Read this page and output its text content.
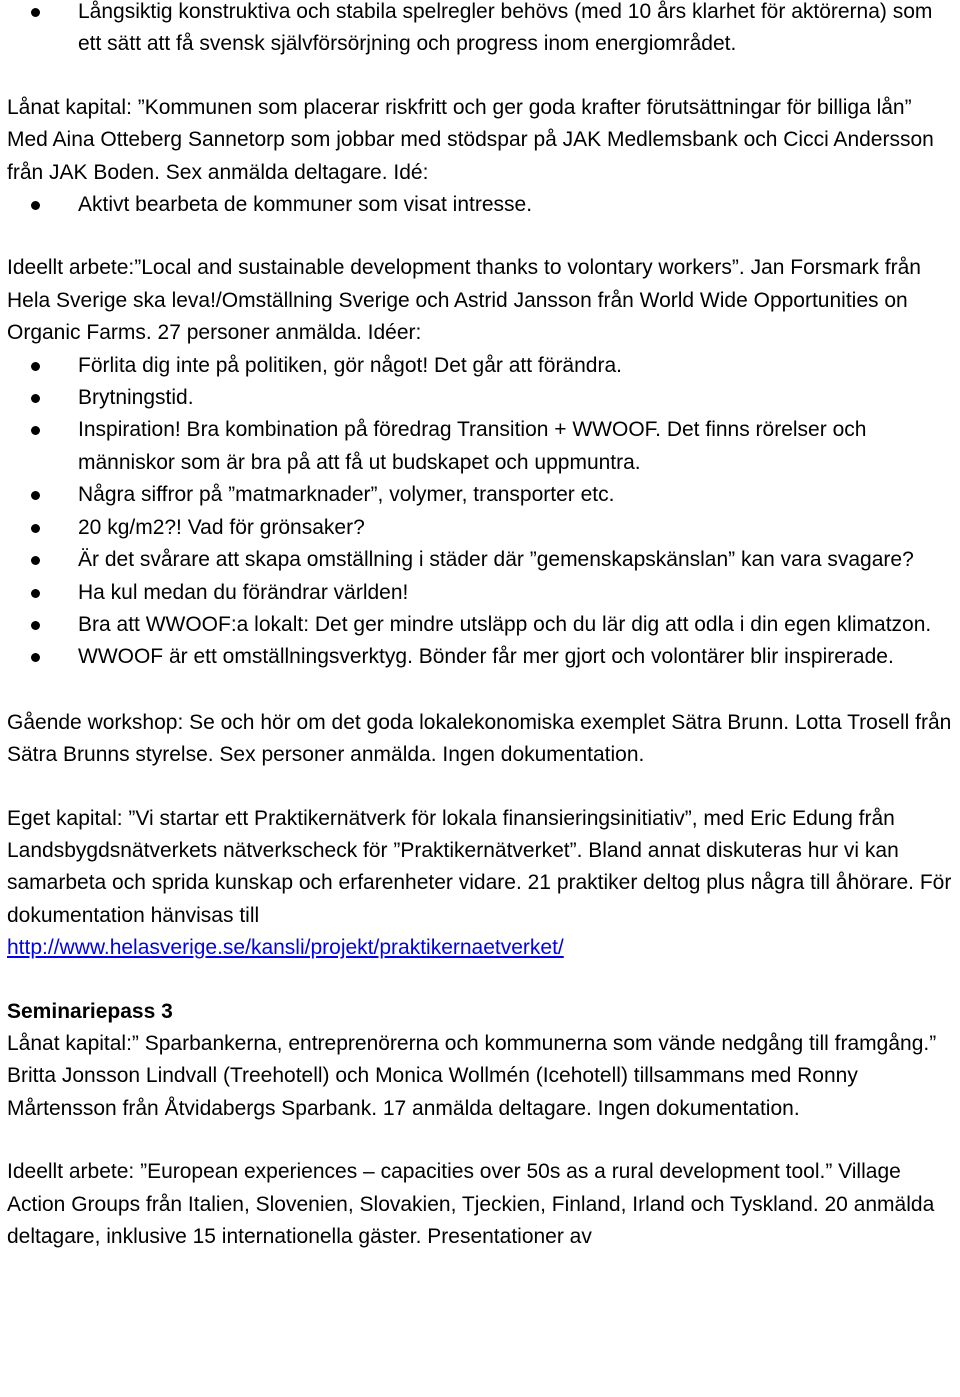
Långsiktig konstruktiva och stabila spelregler behövs (med 10 års klarhet för aktörerna) som ett sätt att få svensk självförsörjning och progress inom energiområdet.

Lånat kapital: ”Kommunen som placerar riskfritt och ger goda krafter förutsättningar för billiga lån” Med Aina Otteberg Sannetorp som jobbar med stödspar på JAK Medlemsbank och Cicci Andersson från JAK Boden. Sex anmälda deltagare. Idé:

Aktivt bearbeta de kommuner som visat intresse.

Ideellt arbete:”Local and sustainable development thanks to volontary workers”. Jan Forsmark från Hela Sverige ska leva!/Omställning Sverige och Astrid Jansson från World Wide Opportunities on Organic Farms. 27 personer anmälda. Idéer:

Förlita dig inte på politiken, gör något! Det går att förändra.
Brytningstid.
Inspiration! Bra kombination på föredrag Transition + WWOOF. Det finns rörelser och människor som är bra på att få ut budskapet och uppmuntra.
Några siffror på ”matmarknader”, volymer, transporter etc.
20 kg/m2?! Vad för grönsaker?
Är det svårare att skapa omställning i städer där ”gemenskapskänslan” kan vara svagare?
Ha kul medan du förändrar världen!
Bra att WWOOF:a lokalt: Det ger mindre utsläpp och du lär dig att odla i din egen klimatzon.
WWOOF är ett omställningsverktyg. Bönder får mer gjort och volontärer blir inspirerade.

Gående workshop: Se och hör om det goda lokalekonomiska exemplet Sätra Brunn. Lotta Trosell från Sätra Brunns styrelse. Sex personer anmälda. Ingen dokumentation.

Eget kapital: ”Vi startar ett Praktikernätverk för lokala finansieringsinitiativ”, med Eric Edung från Landsbygdsnätverkets nätverkscheck för ”Praktikernätverket”. Bland annat diskuteras hur vi kan samarbeta och sprida kunskap och erfarenheter vidare. 21 praktiker deltog plus några till åhörare. För dokumentation hänvisas till
http://www.helasverige.se/kansli/projekt/praktikernaetverket/

Seminariepass 3

Lånat kapital:” Sparbankerna, entreprenörerna och kommunerna som vände nedgång till framgång.” Britta Jonsson Lindvall (Treehotell) och Monica Wollmén (Icehotell) tillsammans med Ronny Mårtensson från Åtvidabergs Sparbank. 17 anmälda deltagare. Ingen dokumentation.

Ideellt arbete: ”European experiences – capacities over 50s as a rural development tool.” Village Action Groups från Italien, Slovenien, Slovakien, Tjeckien, Finland, Irland och Tyskland. 20 anmälda deltagare, inklusive 15 internationella gäster. Presentationer av
